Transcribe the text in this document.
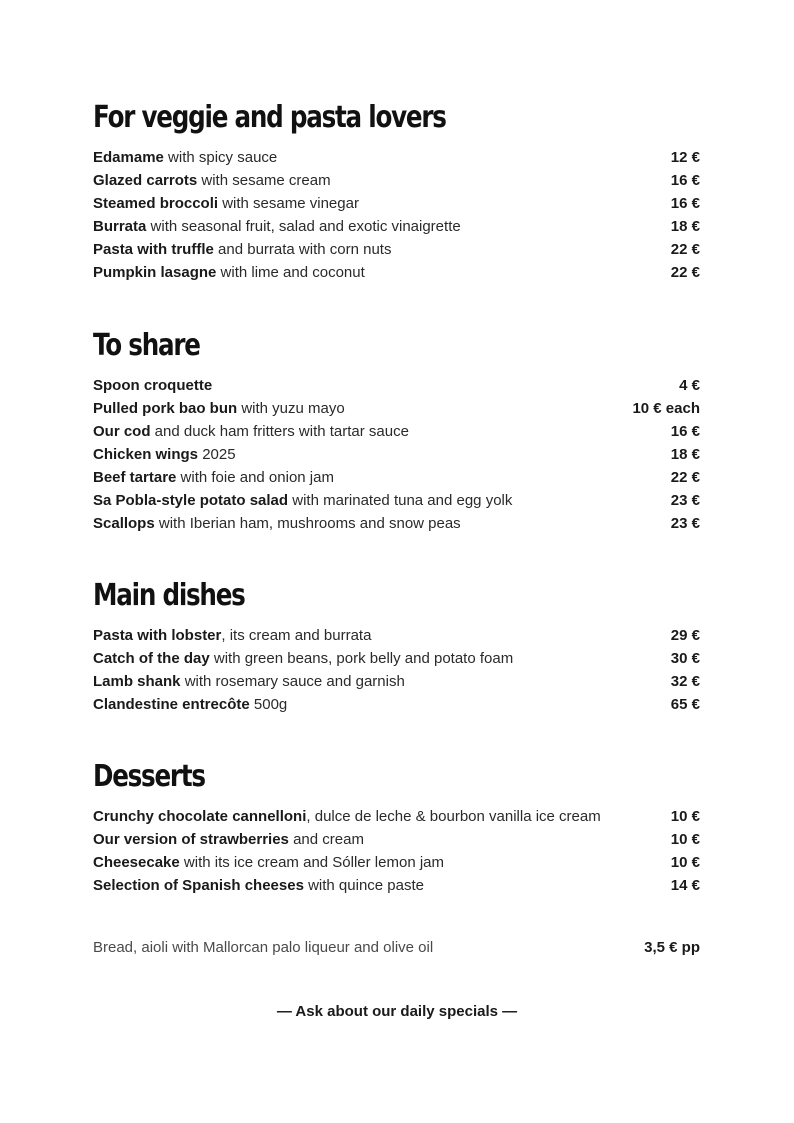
For veggie and pasta lovers
Edamame with spicy sauce	12 €
Glazed carrots with sesame cream	16 €
Steamed broccoli with sesame vinegar	16 €
Burrata with seasonal fruit, salad and exotic vinaigrette	18 €
Pasta with truffle and burrata with corn nuts	22 €
Pumpkin lasagne with lime and coconut	22 €
To share
Spoon croquette	4 €
Pulled pork bao bun with yuzu mayo	10 € each
Our cod and duck ham fritters with tartar sauce	16 €
Chicken wings 2025	18 €
Beef tartare with foie and onion jam	22 €
Sa Pobla-style potato salad with marinated tuna and egg yolk	23 €
Scallops with Iberian ham, mushrooms and snow peas	23 €
Main dishes
Pasta with lobster, its cream and burrata	29 €
Catch of the day with green beans, pork belly and potato foam	30 €
Lamb shank with rosemary sauce and garnish	32 €
Clandestine entrecôte 500g	65 €
Desserts
Crunchy chocolate cannelloni, dulce de leche & bourbon vanilla ice cream	10 €
Our version of strawberries and cream	10 €
Cheesecake with its ice cream and Sóller lemon jam	10 €
Selection of Spanish cheeses with quince paste	14 €
Bread, aioli with Mallorcan palo liqueur and olive oil	3,5 € pp
— Ask about our daily specials —
